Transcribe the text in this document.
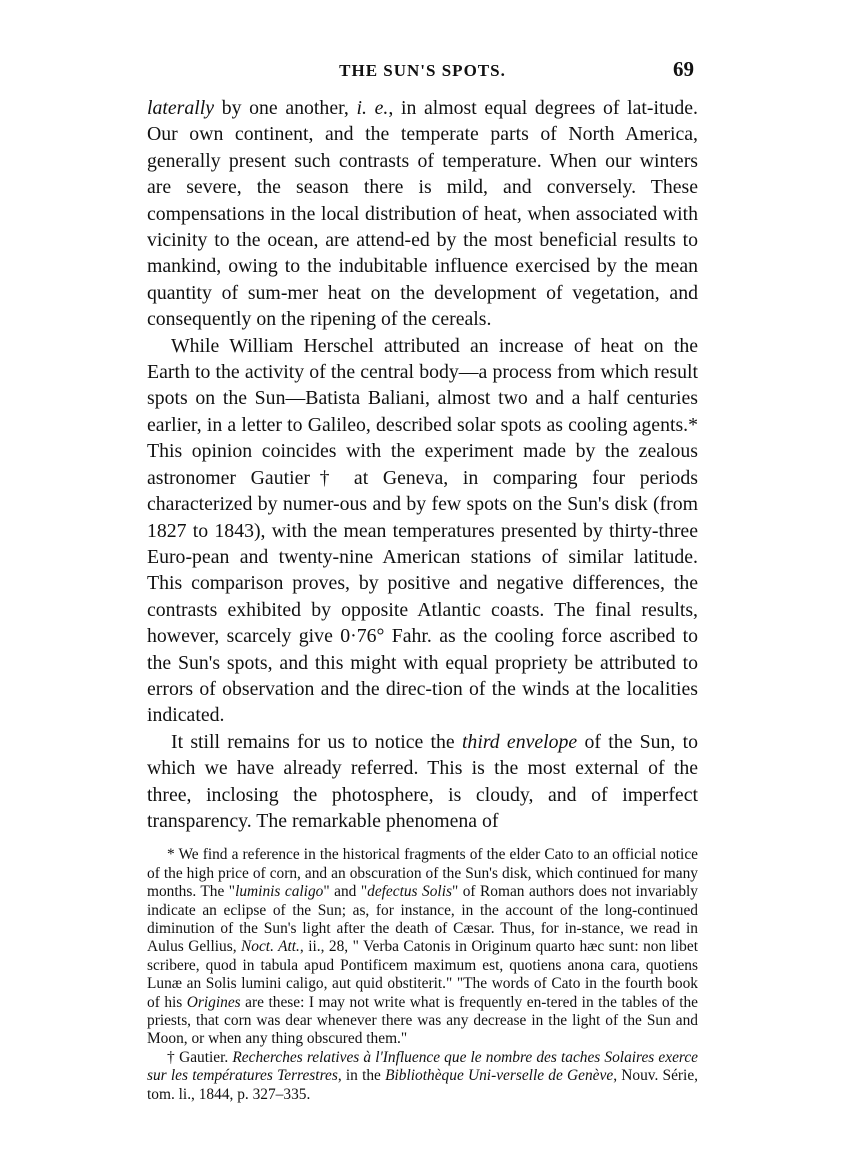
THE SUN'S SPOTS.	69

laterally by one another, i. e., in almost equal degrees of lat-itude. Our own continent, and the temperate parts of North America, generally present such contrasts of temperature. When our winters are severe, the season there is mild, and conversely. These compensations in the local distribution of heat, when associated with vicinity to the ocean, are attend-ed by the most beneficial results to mankind, owing to the indubitable influence exercised by the mean quantity of sum-mer heat on the development of vegetation, and consequently on the ripening of the cereals.

While William Herschel attributed an increase of heat on the Earth to the activity of the central body—a process from which result spots on the Sun—Batista Baliani, almost two and a half centuries earlier, in a letter to Galileo, described solar spots as cooling agents.* This opinion coincides with the experiment made by the zealous astronomer Gautier† at Geneva, in comparing four periods characterized by numer-ous and by few spots on the Sun's disk (from 1827 to 1843), with the mean temperatures presented by thirty-three Euro-pean and twenty-nine American stations of similar latitude. This comparison proves, by positive and negative differences, the contrasts exhibited by opposite Atlantic coasts. The final results, however, scarcely give 0·76° Fahr. as the cooling force ascribed to the Sun's spots, and this might with equal propriety be attributed to errors of observation and the direc-tion of the winds at the localities indicated.

It still remains for us to notice the third envelope of the Sun, to which we have already referred. This is the most external of the three, inclosing the photosphere, is cloudy, and of imperfect transparency. The remarkable phenomena of

* We find a reference in the historical fragments of the elder Cato to an official notice of the high price of corn, and an obscuration of the Sun's disk, which continued for many months. The "luminis caligo" and "defectus Solis" of Roman authors does not invariably indicate an eclipse of the Sun; as, for instance, in the account of the long-continued diminution of the Sun's light after the death of Cæsar. Thus, for in-stance, we read in Aulus Gellius, Noct. Att., ii., 28, " Verba Catonis in Originum quarto hæc sunt: non libet scribere, quod in tabula apud Pontificem maximum est, quotiens anona cara, quotiens Lunæ an Solis lumini caligo, aut quid obstiterit." "The words of Cato in the fourth book of his Origines are these: I may not write what is frequently en-tered in the tables of the priests, that corn was dear whenever there was any decrease in the light of the Sun and Moon, or when any thing obscured them."

† Gautier. Recherches relatives à l'Influence que le nombre des taches Solaires exerce sur les températures Terrestres, in the Bibliothèque Uni-verselle de Genève, Nouv. Série, tom. li., 1844, p. 327–335.
